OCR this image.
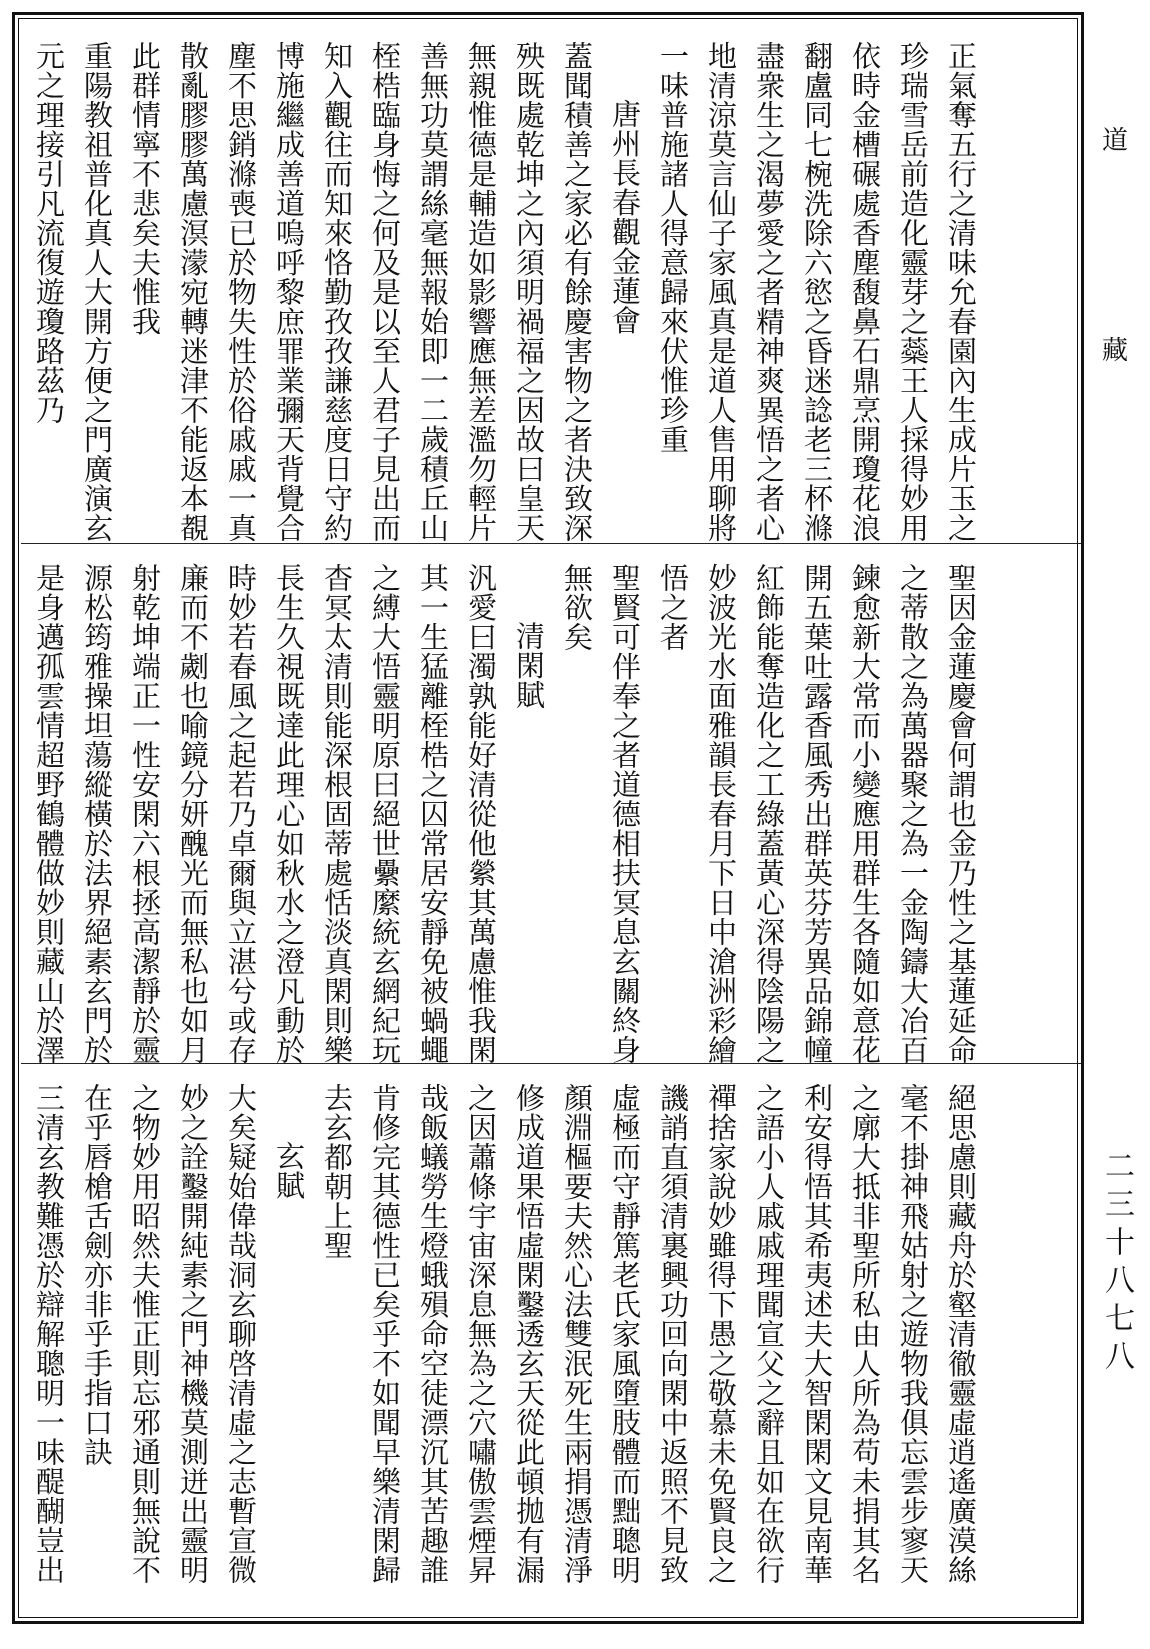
正氣奪五行之清味允春園內生成片玉之
珍瑞雪岳前造化靈芽之蘂王人採得妙用
依時金槽碾處香塵馥鼻石鼎烹開瓊花浪
翻盧同七椀洗除六慾之昏迷諗老三杯滌
盡衆生之渴夢愛之者精神爽異悟之者心
地清涼莫言仙子家風真是道人售用聊將
一味普施諸人得意歸來伏惟珍重
唐州長春觀金蓮會
蓋聞積善之家必有餘慶害物之者決致深
殃既處乾坤之內須明禍福之因故曰皇天
無親惟德是輔造如影響應無差濫勿輕片
善無功莫謂絲毫無報始即一二歲積丘山
桎梏臨身悔之何及是以至人君子見出而
知入觀往而知來恪勤孜孜謙慈度日守約
博施繼成善道嗚呼黎庶罪業彌天背覺合
塵不思銷滌喪已於物失性於俗戚戚一真
散亂膠膠萬慮溟濛宛轉迷津不能返本覩
此群情寧不悲矣夫惟我
重陽教祖普化真人大開方便之門廣演玄
元之理接引凡流復遊瓊路茲乃
聖因金蓮慶會何謂也金乃性之基蓮延命
之蒂散之為萬器聚之為一金陶鑄大冶百
鍊愈新大常而小變應用群生各隨如意花
開五葉吐露香風秀出群英芬芳異品錦幢
紅飾能奪造化之工綠蓋黃心深得陰陽之
妙波光水面雅韻長春月下日中滄洲彩繪
悟之者
聖賢可伴奉之者道德相扶冥息玄關終身
無欲矣
清閑賦
汎愛曰濁孰能好清從他縈其萬慮惟我閑
其一生猛離桎梏之囚常居安靜免被蝸蠅
之縛大悟靈明原曰絕世纍縻統玄網紀玩
杳冥太清則能深根固蒂處恬淡真閑則樂
長生久視既達此理心如秋水之澄凡動於
時妙若春風之起若乃卓爾與立湛兮或存
廉而不劌也喻鏡分妍醜光而無私也如月
射乾坤端正一性安閑六根拯高潔靜於靈
源松筠雅操坦蕩縱橫於法界絕素玄門於
是身邁孤雲情超野鶴體做妙則藏山於澤
絕思慮則藏舟於壑清徹靈虛逍遙廣漠絲
毫不掛神飛姑射之遊物我俱忘雲步寥天
之廓大抵非聖所私由人所為苟未捐其名
利安得悟其希夷述夫大智閑閑文見南華
之語小人戚戚理聞宣父之辭且如在欲行
禪捨家說妙雖得下愚之敬慕未免賢良之
譏誚直須清裏興功回向閑中返照不見致
虛極而守靜篤老氏家風墮肢體而黜聰明
顏淵樞要夫然心法雙泯死生兩捐憑清淨
修成道果悟虛閑鑿透玄天從此頓拋有漏
之因蕭條宇宙深息無為之穴嘯傲雲煙昇
哉飯蟻勞生燈蛾殞命空徒漂沉其苦趣誰
肯修完其德性已矣乎不如聞早樂清閑歸
去玄都朝上聖
玄賦
大矣疑始偉哉洞玄聊啓清虛之志暫宣微
妙之詮鑿開純素之門神機莫測迸出靈明
之物妙用昭然夫惟正則忘邪通則無說不
在乎唇槍舌劍亦非乎手指口訣
三清玄教難憑於辯解聰明一味醍醐豈出
道
藏
二三十八七八
